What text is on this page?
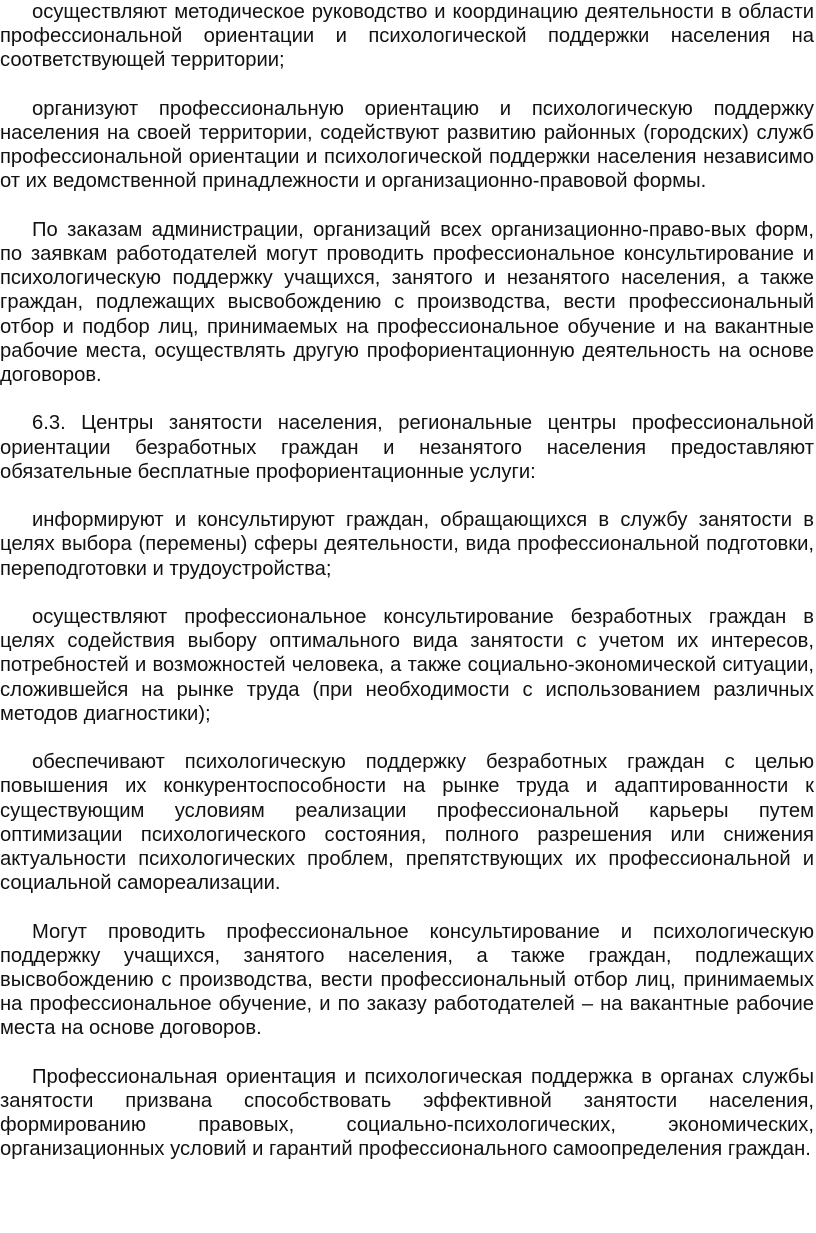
осуществляют методическое руководство и координацию деятельности в области профессиональной ориентации и психологической поддержки населения на соответствующей территории;

организуют профессиональную ориентацию и психологическую поддержку населения на своей территории, содействуют развитию районных (городских) служб профессиональной ориентации и психологической поддержки населения независимо от их ведомственной принадлежности и организационно-правовой формы.

По заказам администрации, организаций всех организационно-право-вых форм, по заявкам работодателей могут проводить профессиональное консультирование и психологическую поддержку учащихся, занятого и незанятого населения, а также граждан, подлежащих высвобождению с производства, вести профессиональный отбор и подбор лиц, принимаемых на профессиональное обучение и на вакантные рабочие места, осуществлять другую профориентационную деятельность на основе договоров.

6.3. Центры занятости населения, региональные центры профессиональной ориентации безработных граждан и незанятого населения предоставляют обязательные бесплатные профориентационные услуги:

информируют и консультируют граждан, обращающихся в службу занятости в целях выбора (перемены) сферы деятельности, вида профессиональной подготовки, переподготовки и трудоустройства;

осуществляют профессиональное консультирование безработных граждан в целях содействия выбору оптимального вида занятости с учетом их интересов, потребностей и возможностей человека, а также социально-экономической ситуации, сложившейся на рынке труда (при необходимости с использованием различных методов диагностики);

обеспечивают психологическую поддержку безработных граждан с целью повышения их конкурентоспособности на рынке труда и адаптированности к существующим условиям реализации профессиональной карьеры путем оптимизации психологического состояния, полного разрешения или снижения актуальности психологических проблем, препятствующих их профессиональной и социальной самореализации.

Могут проводить профессиональное консультирование и психологическую поддержку учащихся, занятого населения, а также граждан, подлежащих высвобождению с производства, вести профессиональный отбор лиц, принимаемых на профессиональное обучение, и по заказу работодателей – на вакантные рабочие места на основе договоров.

Профессиональная ориентация и психологическая поддержка в органах службы занятости призвана способствовать эффективной занятости населения, формированию правовых, социально-психологических, экономических, организационных условий и гарантий профессионального самоопределения граждан.
